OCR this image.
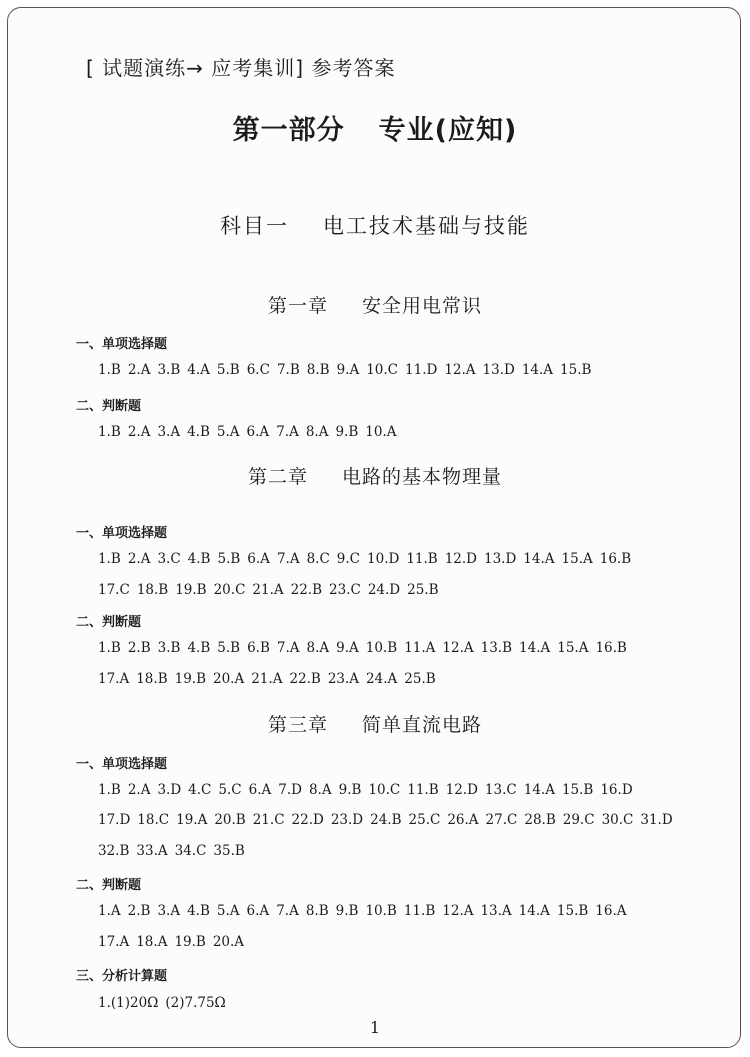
[ 试题演练→ 应考集训] 参考答案
第一部分 专业(应知)
科目一 电工技术基础与技能
第一章 安全用电常识
一、单项选择题
1.B 2.A 3.B 4.A 5.B 6.C 7.B 8.B 9.A 10.C 11.D 12.A 13.D 14.A 15.B
二、判断题
1.B 2.A 3.A 4.B 5.A 6.A 7.A 8.A 9.B 10.A
第二章 电路的基本物理量
一、单项选择题
1.B 2.A 3.C 4.B 5.B 6.A 7.A 8.C 9.C 10.D 11.B 12.D 13.D 14.A 15.A 16.B
17.C 18.B 19.B 20.C 21.A 22.B 23.C 24.D 25.B
二、判断题
1.B 2.B 3.B 4.B 5.B 6.B 7.A 8.A 9.A 10.B 11.A 12.A 13.B 14.A 15.A 16.B
17.A 18.B 19.B 20.A 21.A 22.B 23.A 24.A 25.B
第三章 简单直流电路
一、单项选择题
1.B 2.A 3.D 4.C 5.C 6.A 7.D 8.A 9.B 10.C 11.B 12.D 13.C 14.A 15.B 16.D
17.D 18.C 19.A 20.B 21.C 22.D 23.D 24.B 25.C 26.A 27.C 28.B 29.C 30.C 31.D
32.B 33.A 34.C 35.B
二、判断题
1.A 2.B 3.A 4.B 5.A 6.A 7.A 8.B 9.B 10.B 11.B 12.A 13.A 14.A 15.B 16.A
17.A 18.A 19.B 20.A
三、分析计算题
1.(1)20Ω (2)7.75Ω
1
